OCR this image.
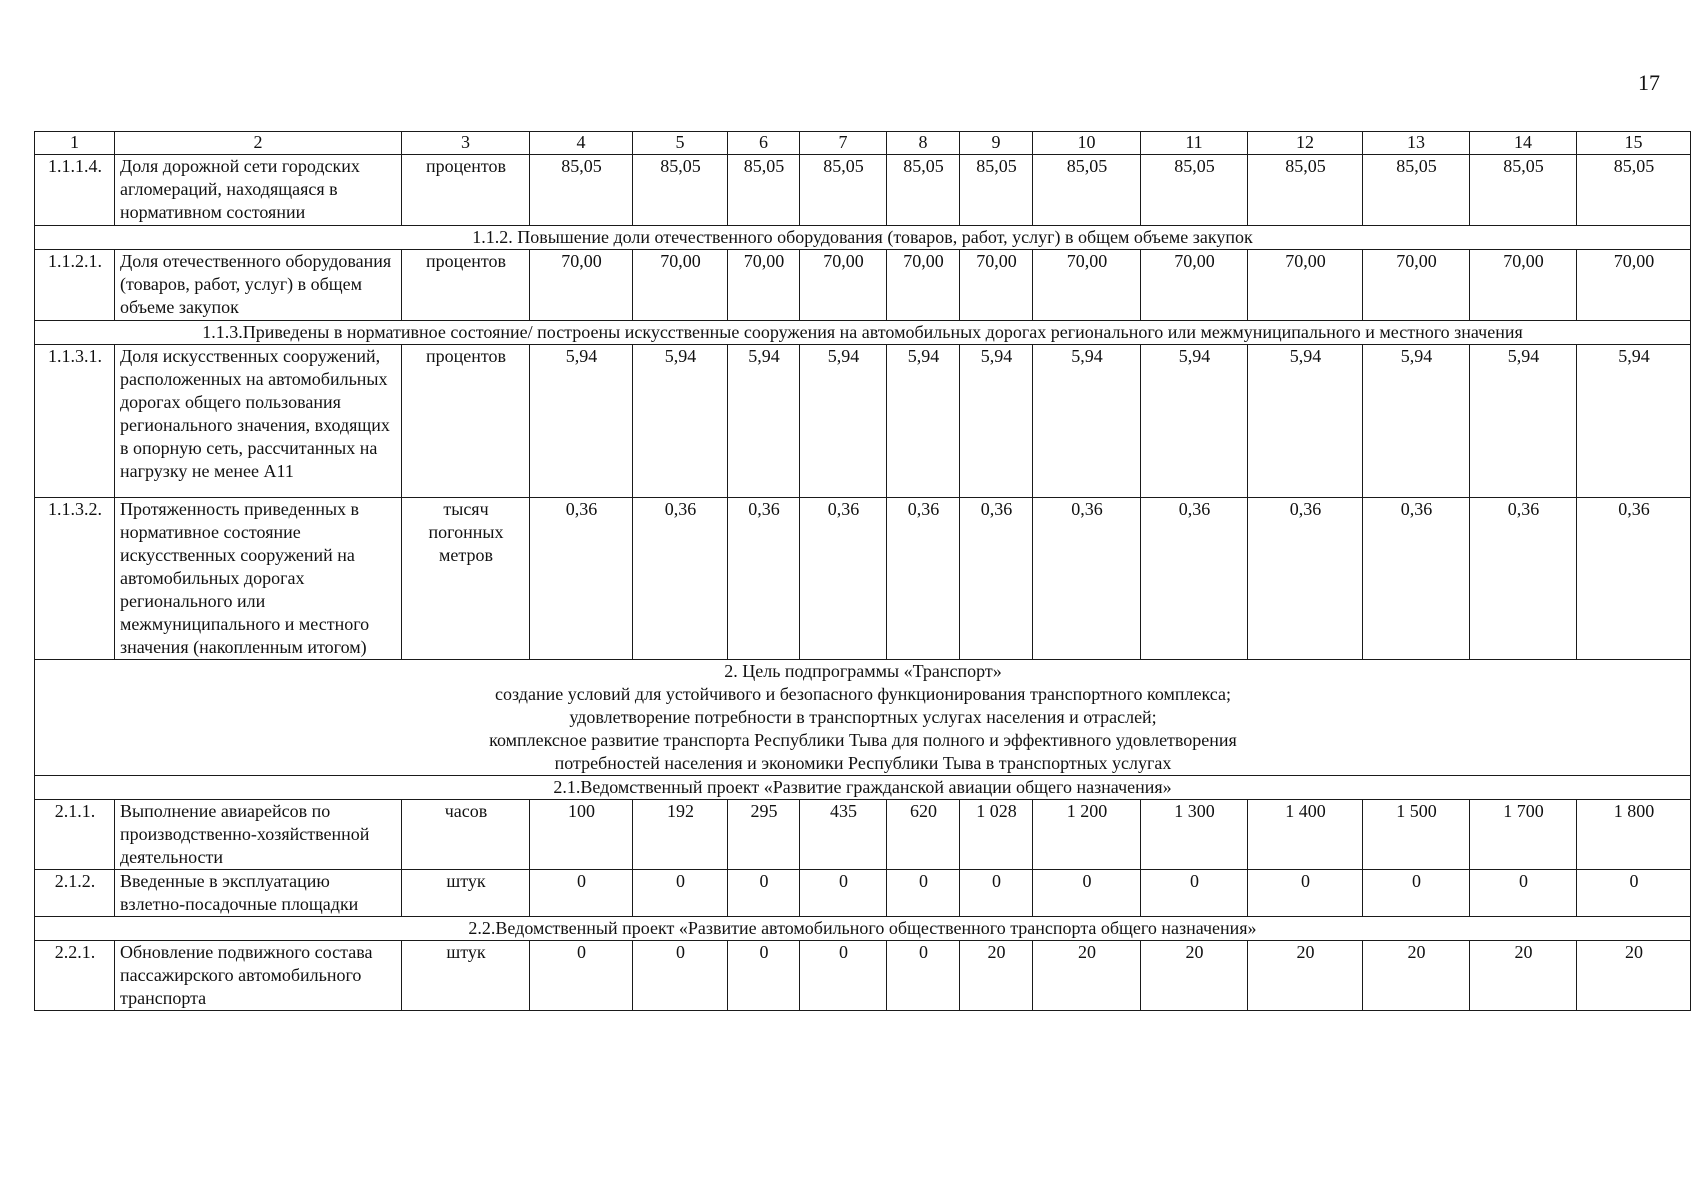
17
1	2	3	4	5	6	7	8	9	10	11	12	13	14	15
1.1.1.4.	Доля дорожной сети городских агломераций, находящаяся в нормативном состоянии	процентов	85,05	85,05	85,05	85,05	85,05	85,05	85,05	85,05	85,05	85,05	85,05	85,05
1.1.2. Повышение доли отечественного оборудования (товаров, работ, услуг) в общем объеме закупок														
1.1.2.1.	Доля отечественного оборудования (товаров, работ, услуг) в общем объеме закупок	процентов	70,00	70,00	70,00	70,00	70,00	70,00	70,00	70,00	70,00	70,00	70,00	70,00
1.1.3.Приведены в нормативное состояние/ построены искусственные сооружения на автомобильных дорогах регионального или межмуниципального и местного значения														
1.1.3.1.	Доля искусственных сооружений, расположенных на автомобильных дорогах общего пользования регионального значения, входящих в опорную сеть, рассчитанных на нагрузку не менее А11	процентов	5,94	5,94	5,94	5,94	5,94	5,94	5,94	5,94	5,94	5,94	5,94	5,94
1.1.3.2.	Протяженность приведенных в нормативное состояние искусственных сооружений на автомобильных дорогах регионального или межмуниципального и местного значения (накопленным итогом)	тысяч погонных метров	0,36	0,36	0,36	0,36	0,36	0,36	0,36	0,36	0,36	0,36	0,36	0,36

2. Цель подпрограммы «Транспорт»
создание условий для устойчивого и безопасного функционирования транспортного комплекса;
удовлетворение потребности в транспортных услугах населения и отраслей;
комплексное развитие транспорта Республики Тыва для полного и эффективного удовлетворения
потребностей населения и экономики Республики Тыва в транспортных услугах														

2.1.Ведомственный проект «Развитие гражданской авиации общего назначения»														
2.1.1.	Выполнение авиарейсов по производственно-хозяйственной деятельности	часов	100	192	295	435	620	1 028	1 200	1 300	1 400	1 500	1 700	1 800
2.1.2.	Введенные в эксплуатацию взлетно-посадочные площадки	штук	0	0	0	0	0	0	0	0	0	0	0	0
2.2.Ведомственный проект «Развитие автомобильного общественного транспорта общего назначения»														
2.2.1.	Обновление подвижного состава пассажирского автомобильного транспорта	штук	0	0	0	0	0	20	20	20	20	20	20	20
